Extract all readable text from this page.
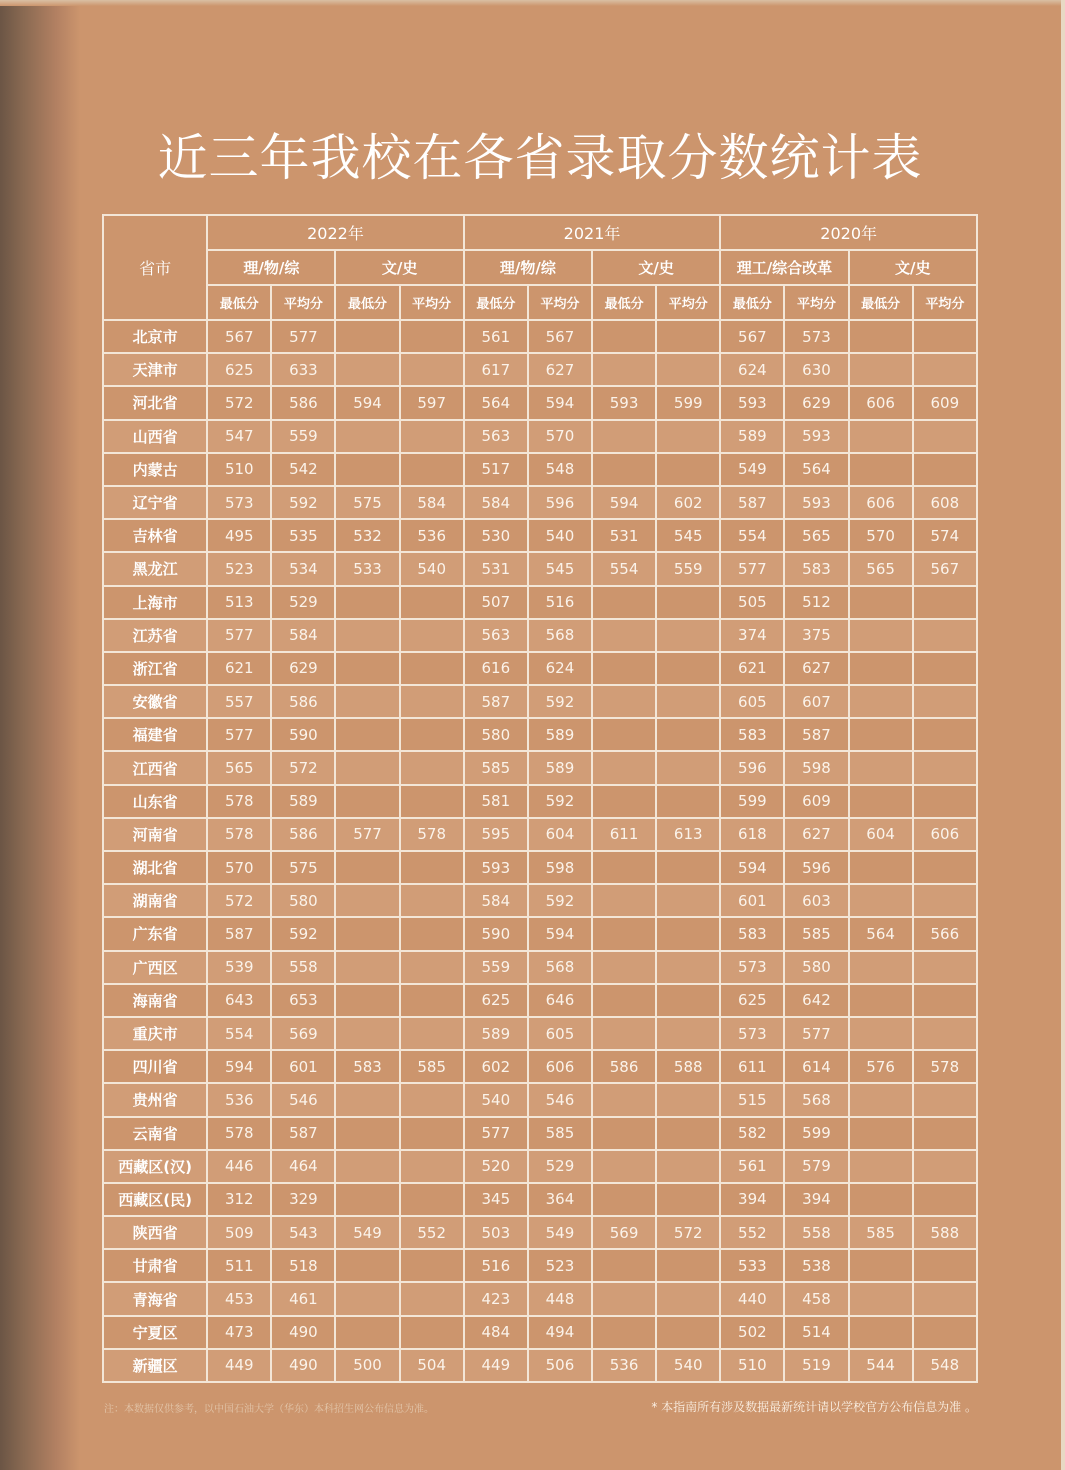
近三年我校在各省录取分数统计表
省市	2022年				2021年				2020年			
	理/物/综		文/史		理/物/综		文/史		理工/综合改革		文/史	
	最低分	平均分	最低分	平均分	最低分	平均分	最低分	平均分	最低分	平均分	最低分	平均分
北京市	567	577			561	567			567	573		
天津市	625	633			617	627			624	630		
河北省	572	586	594	597	564	594	593	599	593	629	606	609
山西省	547	559			563	570			589	593		
内蒙古	510	542			517	548			549	564		
辽宁省	573	592	575	584	584	596	594	602	587	593	606	608
吉林省	495	535	532	536	530	540	531	545	554	565	570	574
黑龙江	523	534	533	540	531	545	554	559	577	583	565	567
上海市	513	529			507	516			505	512		
江苏省	577	584			563	568			374	375		
浙江省	621	629			616	624			621	627		
安徽省	557	586			587	592			605	607		
福建省	577	590			580	589			583	587		
江西省	565	572			585	589			596	598		
山东省	578	589			581	592			599	609		
河南省	578	586	577	578	595	604	611	613	618	627	604	606
湖北省	570	575			593	598			594	596		
湖南省	572	580			584	592			601	603		
广东省	587	592			590	594			583	585	564	566
广西区	539	558			559	568			573	580		
海南省	643	653			625	646			625	642		
重庆市	554	569			589	605			573	577		
四川省	594	601	583	585	602	606	586	588	611	614	576	578
贵州省	536	546			540	546			515	568		
云南省	578	587			577	585			582	599		
西藏区(汉)	446	464			520	529			561	579		
西藏区(民)	312	329			345	364			394	394		
陕西省	509	543	549	552	503	549	569	572	552	558	585	588
甘肃省	511	518			516	523			533	538		
青海省	453	461			423	448			440	458		
宁夏区	473	490			484	494			502	514		
新疆区	449	490	500	504	449	506	536	540	510	519	544	548
注：本数据仅供参考，以中国石油大学（华东）本科招生网公布信息为准。	* 本指南所有涉及数据最新统计请以学校官方公布信息为准 。
